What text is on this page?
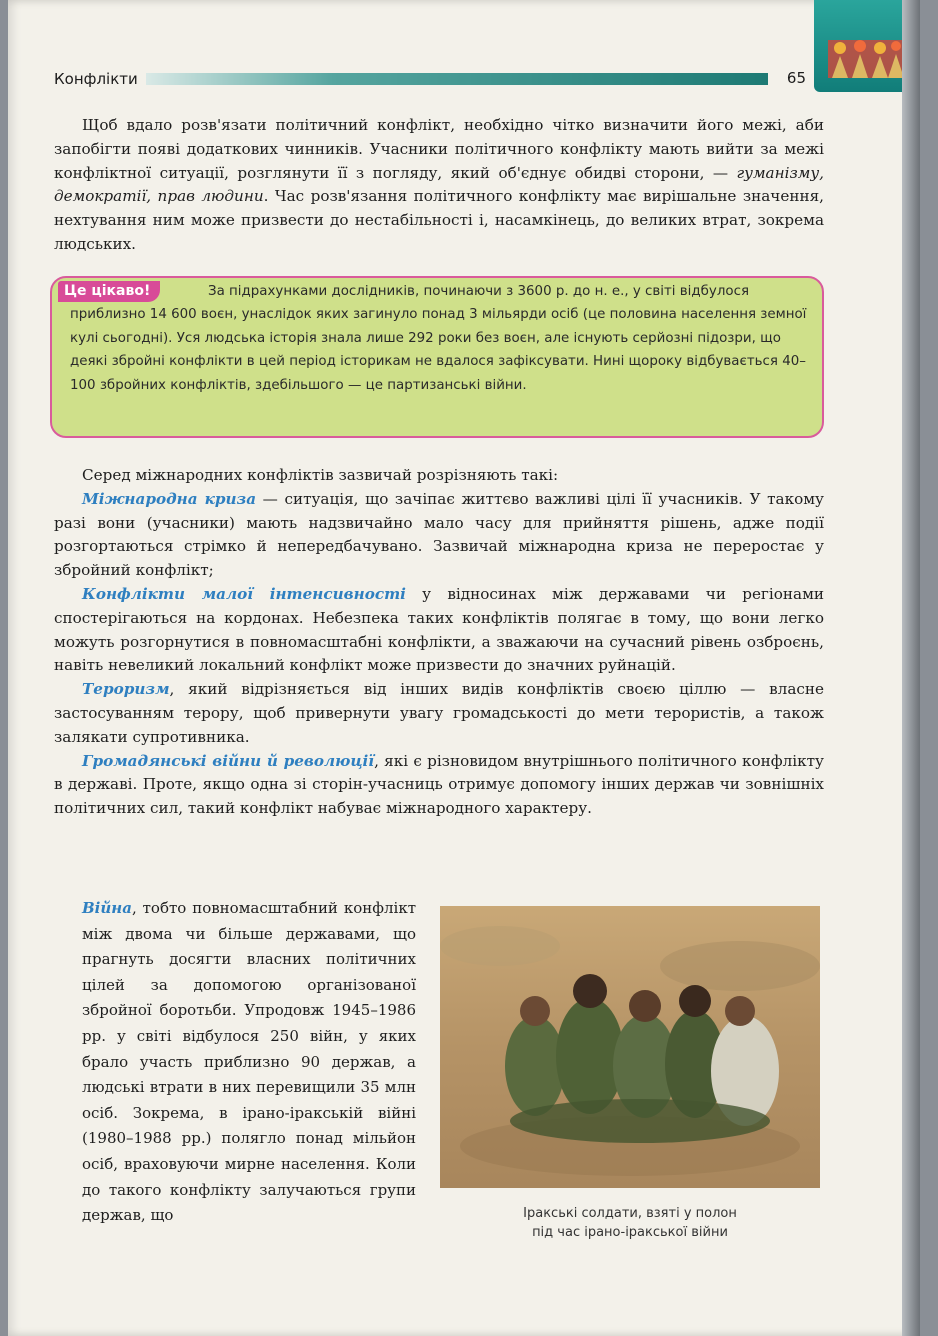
Конфлікти	65
Щоб вдало розв'язати політичний конфлікт, необхідно чітко визначити його межі, аби запобігти появі додаткових чинників. Учасники політичного конфлікту мають вийти за межі конфліктної ситуації, розглянути її з погляду, який об'єднує обидві сторони, — гуманізму, демократії, прав людини. Час розв'язання політичного конфлікту має вирішальне значення, нехтування ним може призвести до нестабільності і, насамкінець, до великих втрат, зокрема людських.
Це цікаво!	За підрахунками дослідників, починаючи з 3600 р. до н. е., у світі відбулося приблизно 14 600 воєн, унаслідок яких загинуло понад 3 мільярди осіб (це половина населення земної кулі сьогодні). Уся людська історія знала лише 292 роки без воєн, але існують серйозні підозри, що деякі збройні конфлікти в цей період історикам не вдалося зафіксувати. Нині щороку відбувається 40–100 збройних конфліктів, здебільшого — це партизанські війни.
Серед міжнародних конфліктів зазвичай розрізняють такі:
Міжнародна криза — ситуація, що зачіпає життєво важливі цілі її учасників. У такому разі вони (учасники) мають надзвичайно мало часу для прийняття рішень, адже події розгортаються стрімко й непередбачувано. Зазвичай міжнародна криза не переростає у збройний конфлікт;
Конфлікти малої інтенсивності у відносинах між державами чи регіонами спостерігаються на кордонах. Небезпека таких конфліктів полягає в тому, що вони легко можуть розгорнутися в повномасштабні конфлікти, а зважаючи на сучасний рівень озброєнь, навіть невеликий локальний конфлікт може призвести до значних руйнацій.
Тероризм, який відрізняється від інших видів конфліктів своєю ціллю — власне застосуванням терору, щоб привернути увагу громадськості до мети терористів, а також залякати супротивника.
Громадянські війни й революції, які є різновидом внутрішнього політичного конфлікту в державі. Проте, якщо одна зі сторін-учасниць отримує допомогу інших держав чи зовнішніх політичних сил, такий конфлікт набуває міжнародного характеру.
Війна, тобто повномасштабний конфлікт між двома чи більше державами, що прагнуть досягти власних політичних цілей за допомогою організованої збройної боротьби. Упродовж 1945–1986 рр. у світі відбулося 250 війн, у яких брало участь приблизно 90 держав, а людські втрати в них перевищили 35 млн осіб. Зокрема, в ірано-іракській війні (1980–1988 рр.) полягло понад мільйон осіб, враховуючи мирне населення. Коли до такого конфлікту залучаються групи держав, що	Іракські солдати, взяті у полон
під час ірано-іракської війни
